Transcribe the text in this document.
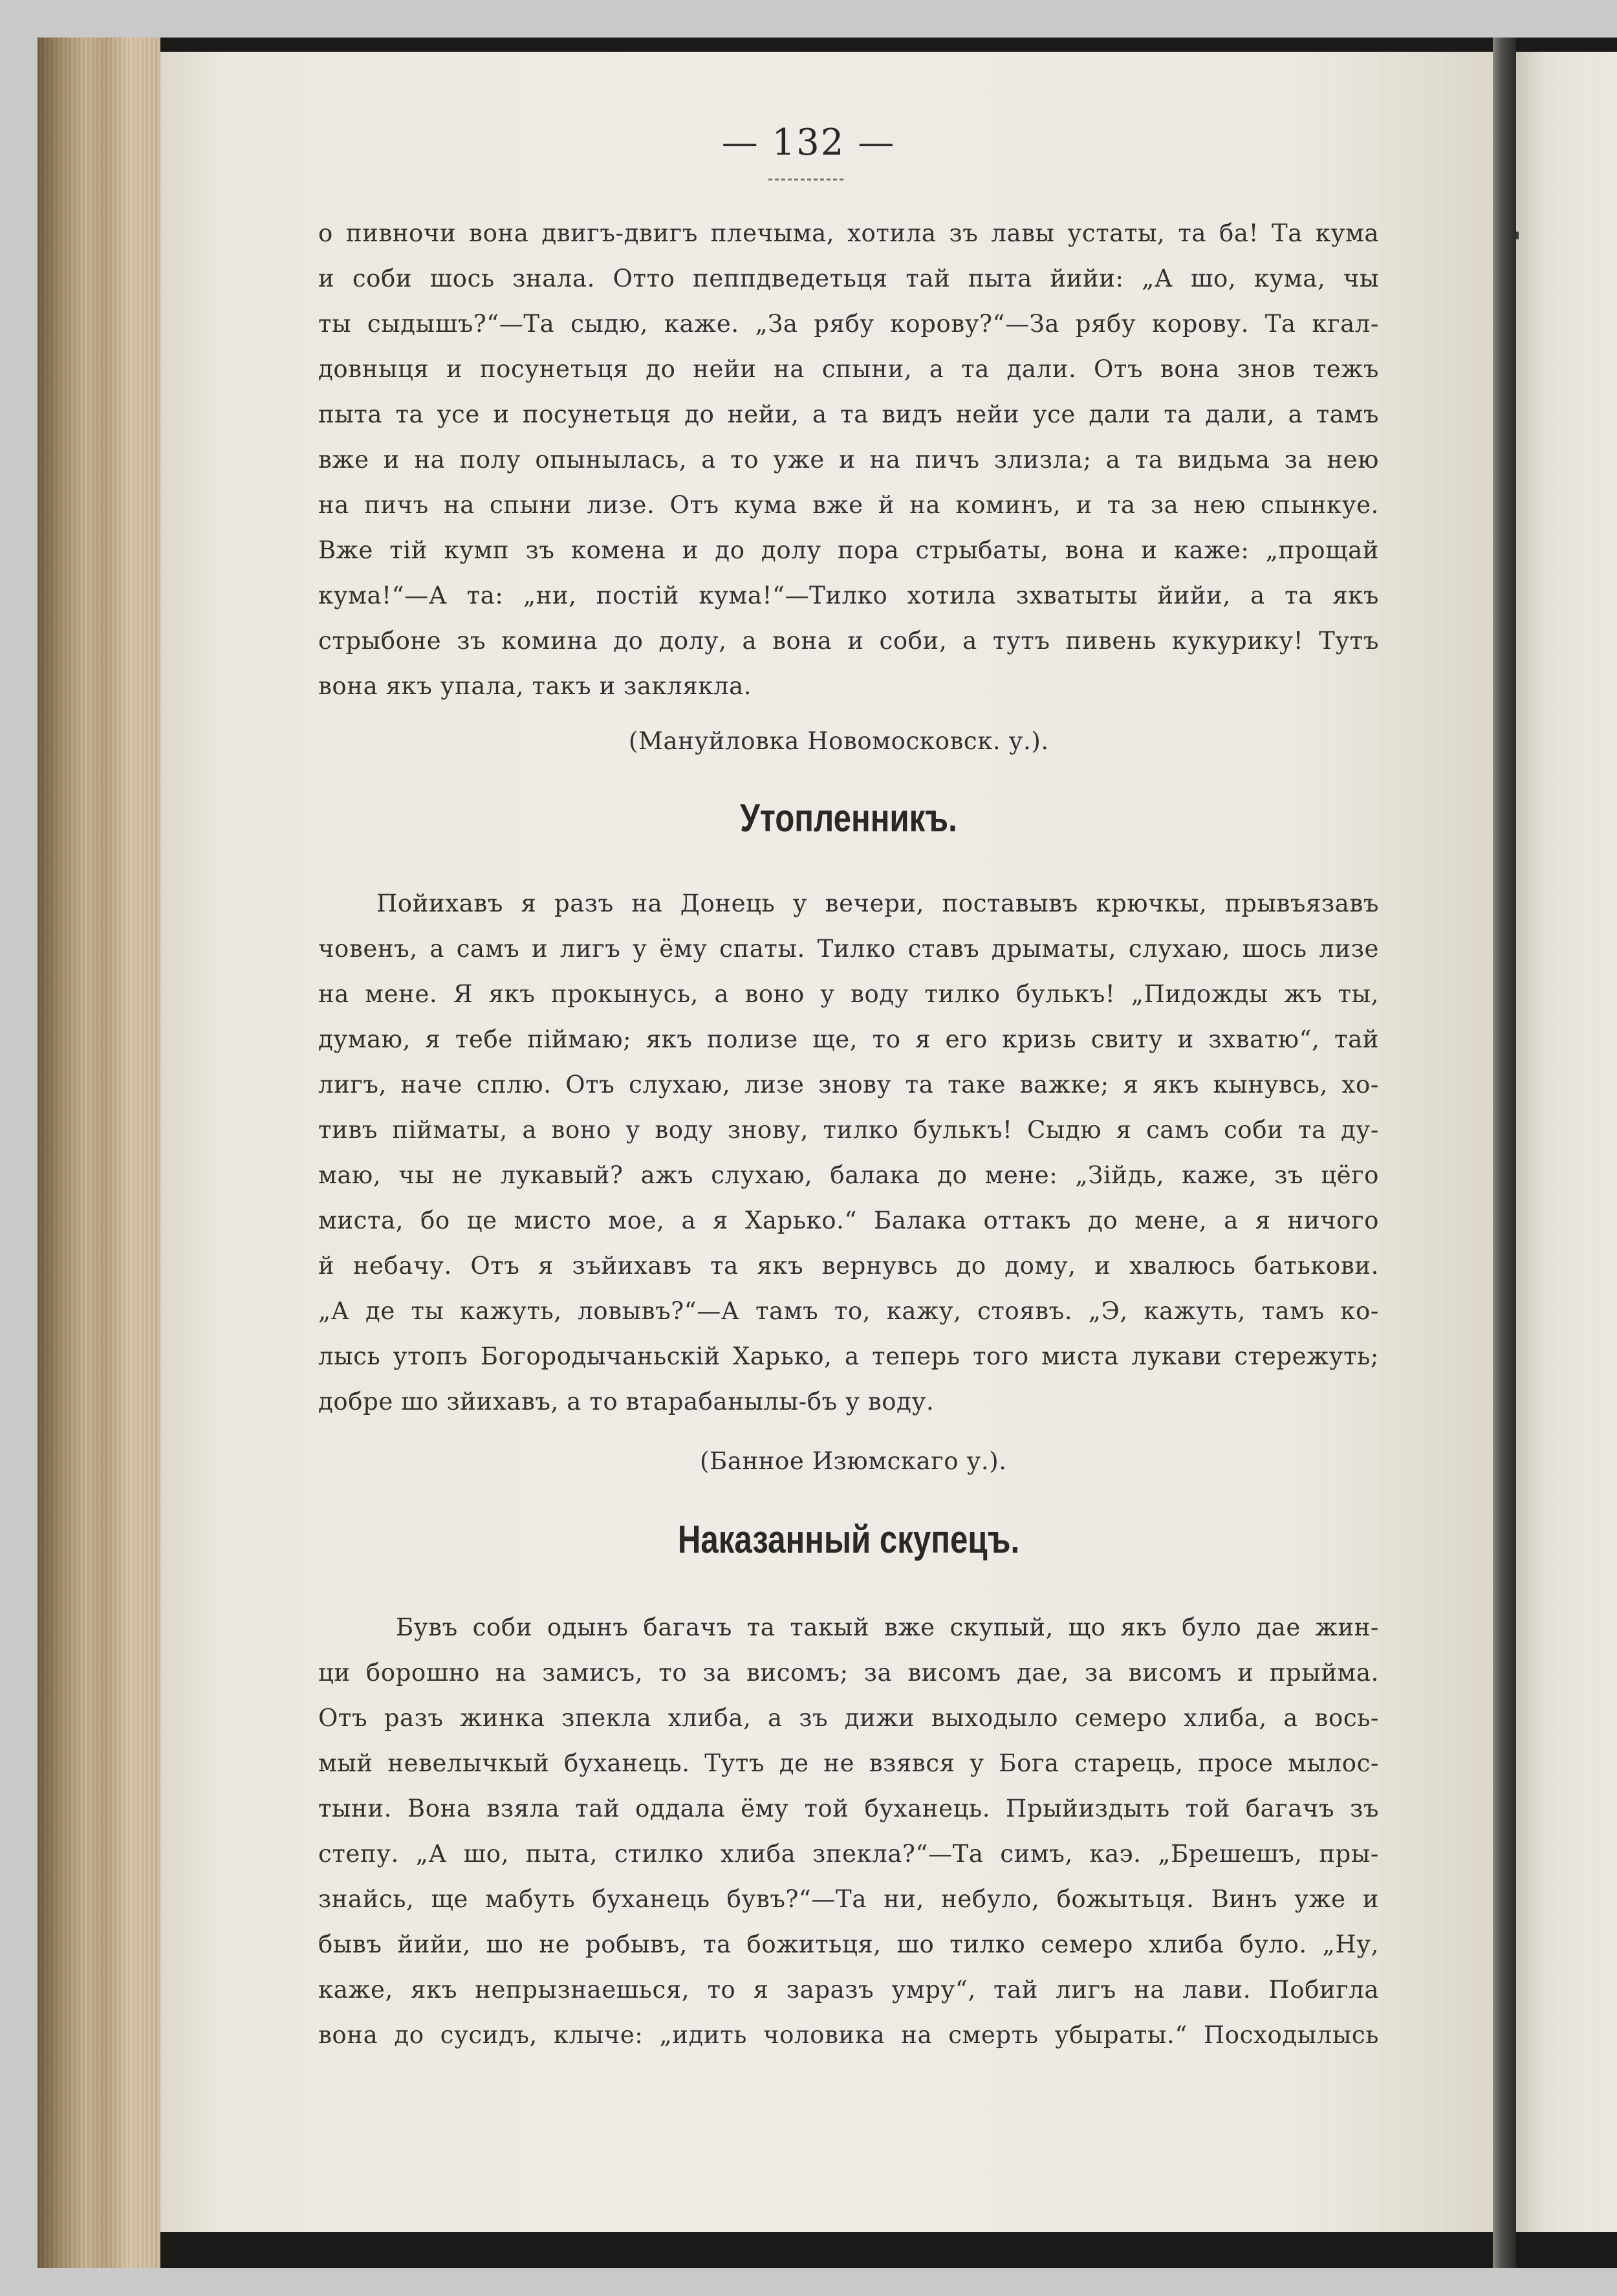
— 132 —
о пивночи вона двигъ-двигъ плечыма, хотила зъ лавы устаты, та ба! Та кума
и соби шось знала. Отто пеппдведетьця тай пыта йийи: „А шо, кума, чы
ты сыдышъ?“—Та сыдю, каже. „За рябу корову?“—За рябу корову. Та кгал-
довныця и посунетьця до нейи на спыни, а та дали. Отъ вона знов тежъ
пыта та усе и посунетьця до нейи, а та видъ нейи усе дали та дали, а тамъ
вже и на полу опынылась, а то уже и на пичъ злизла; а та видьма за нею
на пичъ на спыни лизе. Отъ кума вже й на коминъ, и та за нею спынкуе.
Вже тій кумп зъ комена и до долу пора стрыбаты, вона и каже: „прощай
кума!“—А та: „ни, постій кума!“—Тилко хотила зхватыты йийи, а та якъ
стрыбоне зъ комина до долу, а вона и соби, а тутъ пивень кукурику! Тутъ
вона якъ упала, такъ и заклякла.
(Мануйловка Новомосковск. у.).
Утопленникъ.
Пойихавъ я разъ на Донець у вечери, поставывъ крючкы, прывъязавъ
човенъ, а самъ и лигъ у ёму спаты. Тилко ставъ дрыматы, слухаю, шось лизе
на мене. Я якъ прокынусь, а воно у воду тилко булькъ! „Пидожды жъ ты,
думаю, я тебе піймаю; якъ полизе ще, то я его кризь свиту и зхватю“, тай
лигъ, наче сплю. Отъ слухаю, лизе знову та таке важке; я якъ кынувсь, хо-
тивъ пійматы, а воно у воду знову, тилко булькъ! Сыдю я самъ соби та ду-
маю, чы не лукавый? ажъ слухаю, балака до мене: „Зійдь, каже, зъ цёго
миста, бо це мисто мое, а я Харько.“ Балака оттакъ до мене, а я ничого
й небачу. Отъ я зъйихавъ та якъ вернувсь до дому, и хвалюсь батькови.
„А де ты кажуть, ловывъ?“—А тамъ то, кажу, стоявъ. „Э, кажуть, тамъ ко-
лысь утопъ Богородычаньскій Харько, а теперь того миста лукави стережуть;
добре шо зйихавъ, а то втарабанылы-бъ у воду.
(Банное Изюмскаго у.).
Наказанный скупецъ.
Бувъ соби одынъ багачъ та такый вже скупый, що якъ було дае жин-
ци борошно на замисъ, то за висомъ; за висомъ дае, за висомъ и прыйма.
Отъ разъ жинка зпекла хлиба, а зъ дижи выходыло семеро хлиба, а вось-
мый невелычкый буханець. Тутъ де не взявся у Бога старець, просе мылос-
тыни. Вона взяла тай оддала ёму той буханець. Прыйиздыть той багачъ зъ
степу. „А шо, пыта, стилко хлиба зпекла?“—Та симъ, каэ. „Брешешъ, пры-
знайсь, ще мабуть буханець бувъ?“—Та ни, небуло, божытьця. Винъ уже и
бывъ йийи, шо не робывъ, та божитьця, шо тилко семеро хлиба було. „Ну,
каже, якъ непрызнаешься, то я заразъ умру“, тай лигъ на лави. Побигла
вона до сусидъ, клыче: „идить чоловика на смерть убыраты.“ Посходылысь
